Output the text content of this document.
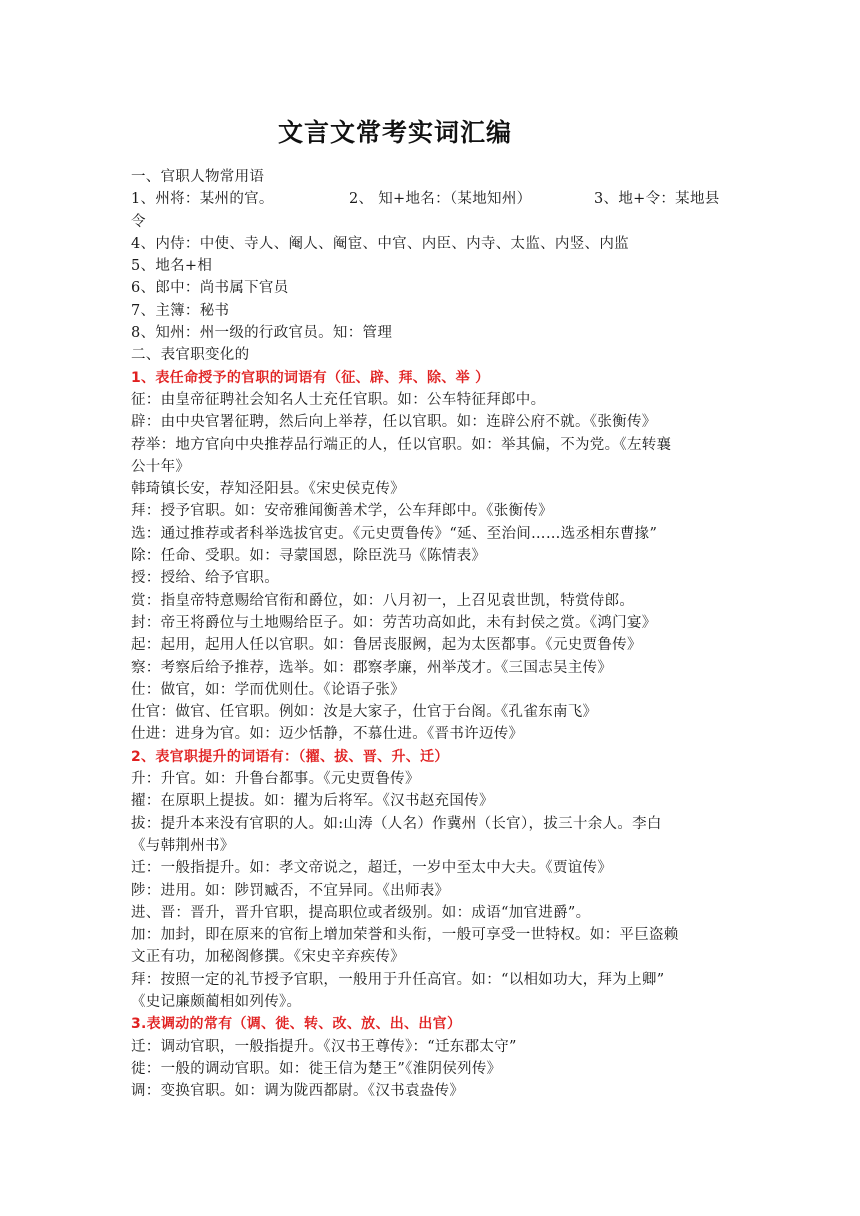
文言文常考实词汇编
一、官职人物常用语
1、州将：某州的官。	2、 知+地名：（某地知州）	3、地+令：某地县
令
4、内侍：中使、寺人、阉人、阉宦、中官、内臣、内寺、太监、内竖、内监
5、地名+相
6、郎中：尚书属下官员
7、主簿：秘书
8、知州：州一级的行政官员。知：管理
二、表官职变化的
1、表任命授予的官职的词语有（征、辟、拜、除、举 ）
征：由皇帝征聘社会知名人士充任官职。如：公车特征拜郎中。
辟：由中央官署征聘，然后向上举荐，任以官职。如：连辟公府不就。《张衡传》
荐举：地方官向中央推荐品行端正的人，任以官职。如：举其偏，不为党。《左转襄
公十年》
韩琦镇长安，荐知泾阳县。《宋史侯克传》
拜：授予官职。如：安帝雅闻衡善术学，公车拜郎中。《张衡传》
选：通过推荐或者科举选拔官吏。《元史贾鲁传》“延、至治间……选丞相东曹掾”
除：任命、受职。如：寻蒙国恩，除臣洗马《陈情表》
授：授给、给予官职。
赏：指皇帝特意赐给官衔和爵位，如：八月初一，上召见袁世凯，特赏侍郎。
封：帝王将爵位与土地赐给臣子。如：劳苦功高如此，未有封侯之赏。《鸿门宴》
起：起用，起用人任以官职。如：鲁居丧服阙，起为太医都事。《元史贾鲁传》
察：考察后给予推荐，选举。如：郡察孝廉，州举茂才。《三国志吴主传》
仕：做官，如：学而优则仕。《论语子张》
仕官：做官、任官职。例如：汝是大家子，仕官于台阁。《孔雀东南飞》
仕进：进身为官。如：迈少恬静，不慕仕进。《晋书许迈传》
2、表官职提升的词语有：（擢、拔、晋、升、迁）
升：升官。如：升鲁台都事。《元史贾鲁传》
擢：在原职上提拔。如：擢为后将军。《汉书赵充国传》
拔：提升本来没有官职的人。如:山涛（人名）作冀州（长官），拔三十余人。李白
《与韩荆州书》
迁：一般指提升。如：孝文帝说之，超迁，一岁中至太中大夫。《贾谊传》
陟：进用。如：陟罚臧否，不宜异同。《出师表》
进、晋：晋升，晋升官职，提高职位或者级别。如：成语“加官进爵”。
加：加封，即在原来的官衔上增加荣誉和头衔，一般可享受一世特权。如：平巨盗赖
文正有功，加秘阁修撰。《宋史辛弃疾传》
拜：按照一定的礼节授予官职，一般用于升任高官。如：“以相如功大，拜为上卿”
《史记廉颇蔺相如列传》。
3.表调动的常有（调、徙、转、改、放、出、出官）
迁：调动官职，一般指提升。《汉书王尊传》：“迁东郡太守”
徙：一般的调动官职。如：徙王信为楚王”《淮阴侯列传》
调：变换官职。如：调为陇西都尉。《汉书袁盎传》
